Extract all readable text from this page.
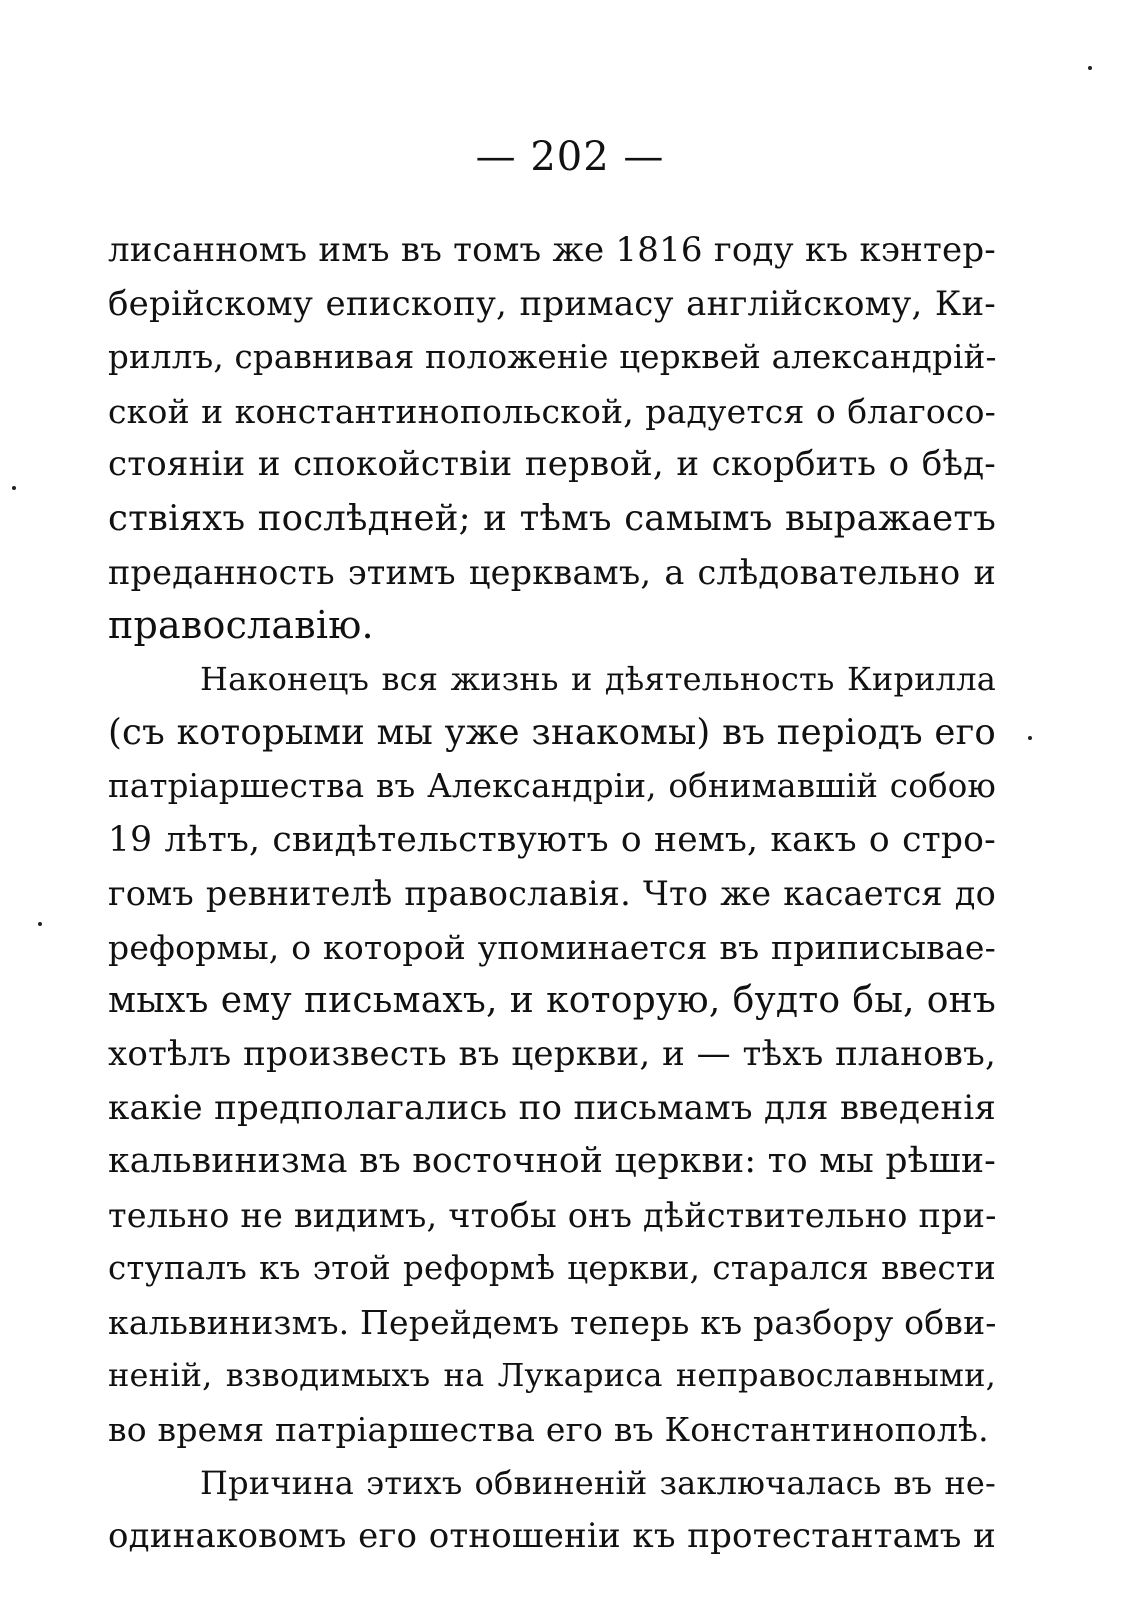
— 202 —
лисанномъ имъ въ томъ же 1816 году къ кэнтер-
берійскому епископу, примасу англійскому, Ки-
риллъ, сравнивая положеніе церквей александрій-
ской и константинопольской, радуется о благосо-
стояніи и спокойствіи первой, и скорбить о бѣд-
ствіяхъ послѣдней; и тѣмъ самымъ выражаетъ
преданность этимъ церквамъ, а слѣдовательно и
православію.
Наконецъ вся жизнь и дѣятельность Кирилла
(съ которыми мы уже знакомы) въ періодъ его
патріаршества въ Александріи, обнимавшій собою
19 лѣтъ, свидѣтельствуютъ о немъ, какъ о стро-
гомъ ревнителѣ православія. Что же касается до
реформы, о которой упоминается въ приписывае-
мыхъ ему письмахъ, и которую, будто бы, онъ
хотѣлъ произвесть въ церкви, и — тѣхъ плановъ,
какіе предполагались по письмамъ для введенія
кальвинизма въ восточной церкви: то мы рѣши-
тельно не видимъ, чтобы онъ дѣйствительно при-
ступалъ къ этой реформѣ церкви, старался ввести
кальвинизмъ. Перейдемъ теперь къ разбору обви-
неній, взводимыхъ на Лукариса неправославными,
во время патріаршества его въ Константинополѣ.
Причина этихъ обвиненій заключалась въ не-
одинаковомъ его отношеніи къ протестантамъ и
